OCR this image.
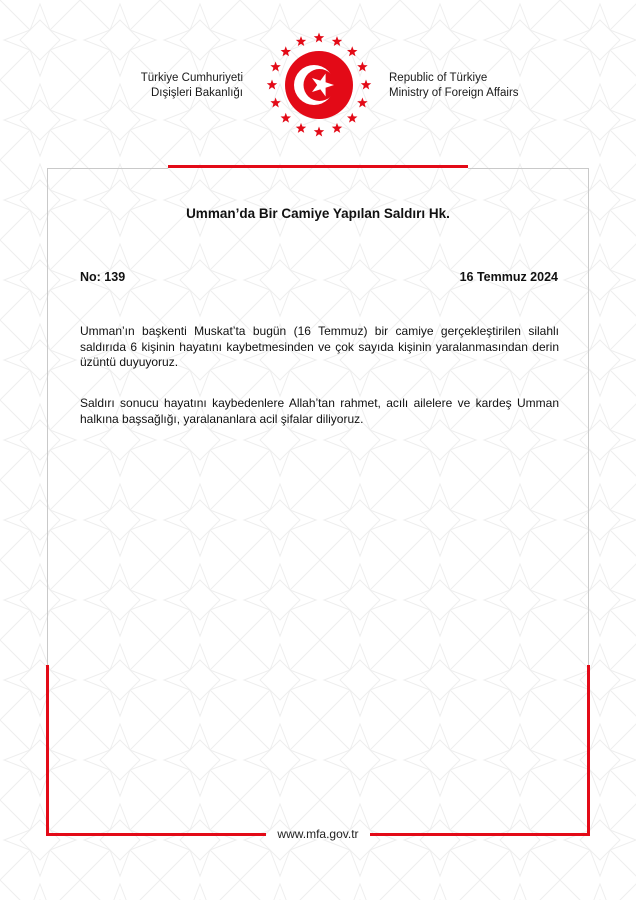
Türkiye Cumhuriyeti
Dışişleri Bakanlığı
Republic of Türkiye
Ministry of Foreign Affairs
Umman’da Bir Camiye Yapılan Saldırı Hk.
No: 139	16 Temmuz 2024
Umman’ın başkenti Muskat’ta bugün (16 Temmuz) bir camiye gerçekleştirilen silahlı saldırıda 6 kişinin hayatını kaybetmesinden ve çok sayıda kişinin yaralanmasından derin üzüntü duyuyoruz.
Saldırı sonucu hayatını kaybedenlere Allah’tan rahmet, acılı ailelere ve kardeş Umman halkına başsağlığı, yaralananlara acil şifalar diliyoruz.
www.mfa.gov.tr
